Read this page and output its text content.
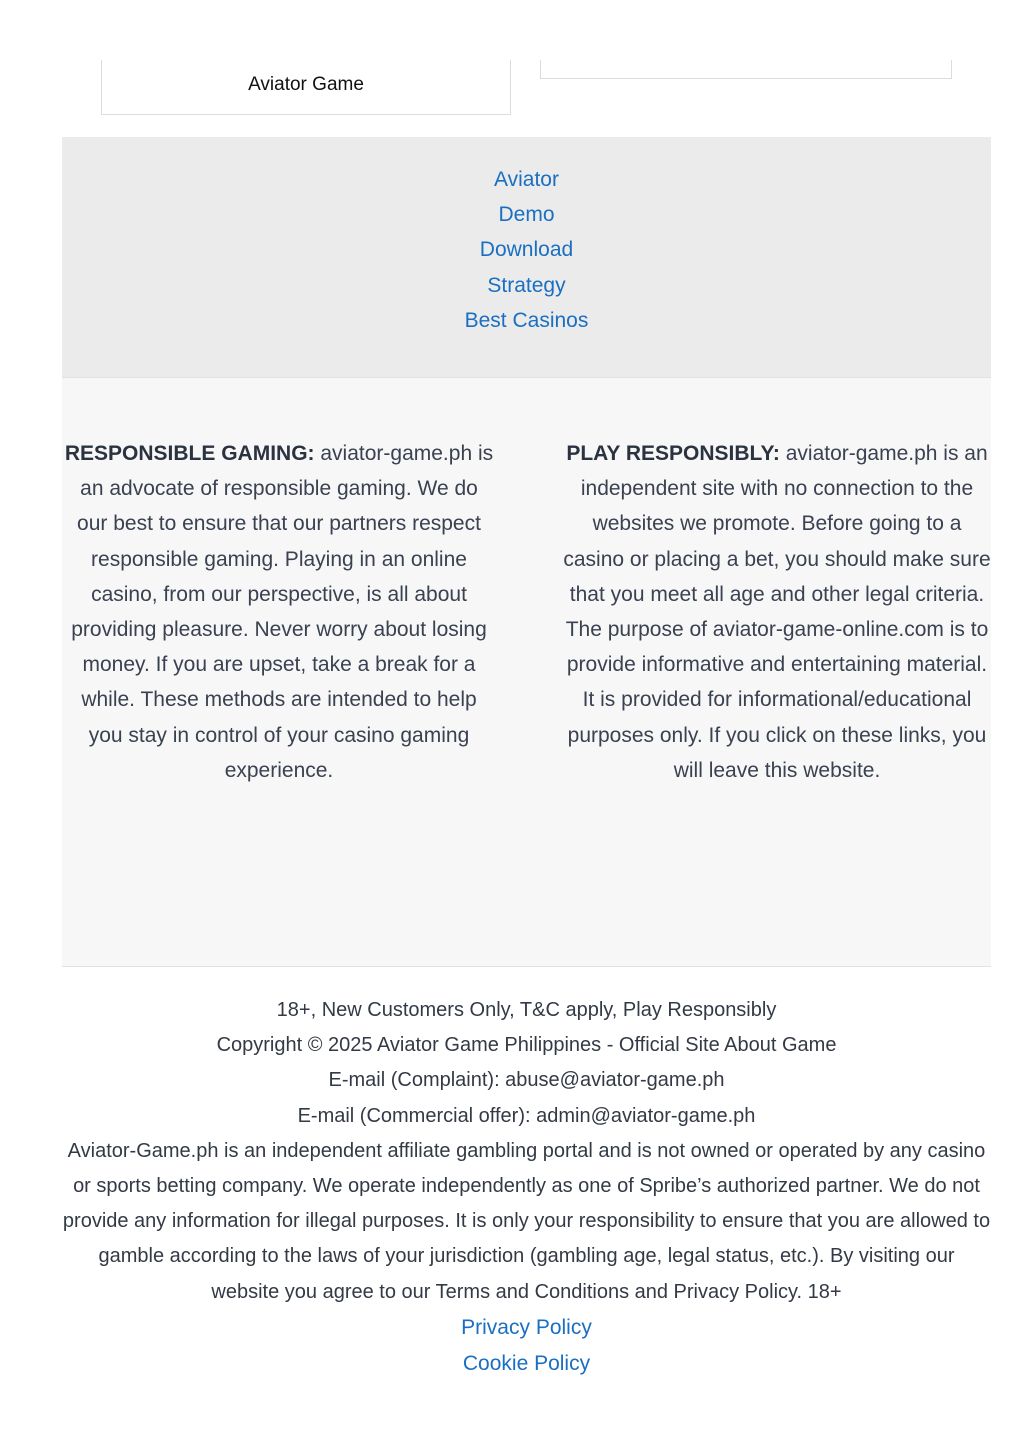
Aviator Game
Aviator
Demo
Download
Strategy
Best Casinos
RESPONSIBLE GAMING: aviator-game.ph is an advocate of responsible gaming. We do our best to ensure that our partners respect responsible gaming. Playing in an online casino, from our perspective, is all about providing pleasure. Never worry about losing money. If you are upset, take a break for a while. These methods are intended to help you stay in control of your casino gaming experience.
PLAY RESPONSIBLY: aviator-game.ph is an independent site with no connection to the websites we promote. Before going to a casino or placing a bet, you should make sure that you meet all age and other legal criteria. The purpose of aviator-game-online.com is to provide informative and entertaining material. It is provided for informational/educational purposes only. If you click on these links, you will leave this website.

18+, New Customers Only, T&C apply, Play Responsibly

Copyright © 2025 Aviator Game Philippines - Official Site About Game

E-mail (Complaint): abuse@aviator-game.ph

E-mail (Commercial offer): admin@aviator-game.ph

Aviator-Game.ph is an independent affiliate gambling portal and is not owned or operated by any casino or sports betting company. We operate independently as one of Spribe’s authorized partner. We do not provide any information for illegal purposes. It is only your responsibility to ensure that you are allowed to gamble according to the laws of your jurisdiction (gambling age, legal status, etc.). By visiting our website you agree to our Terms and Conditions and Privacy Policy. 18+

Privacy Policy

Cookie Policy
